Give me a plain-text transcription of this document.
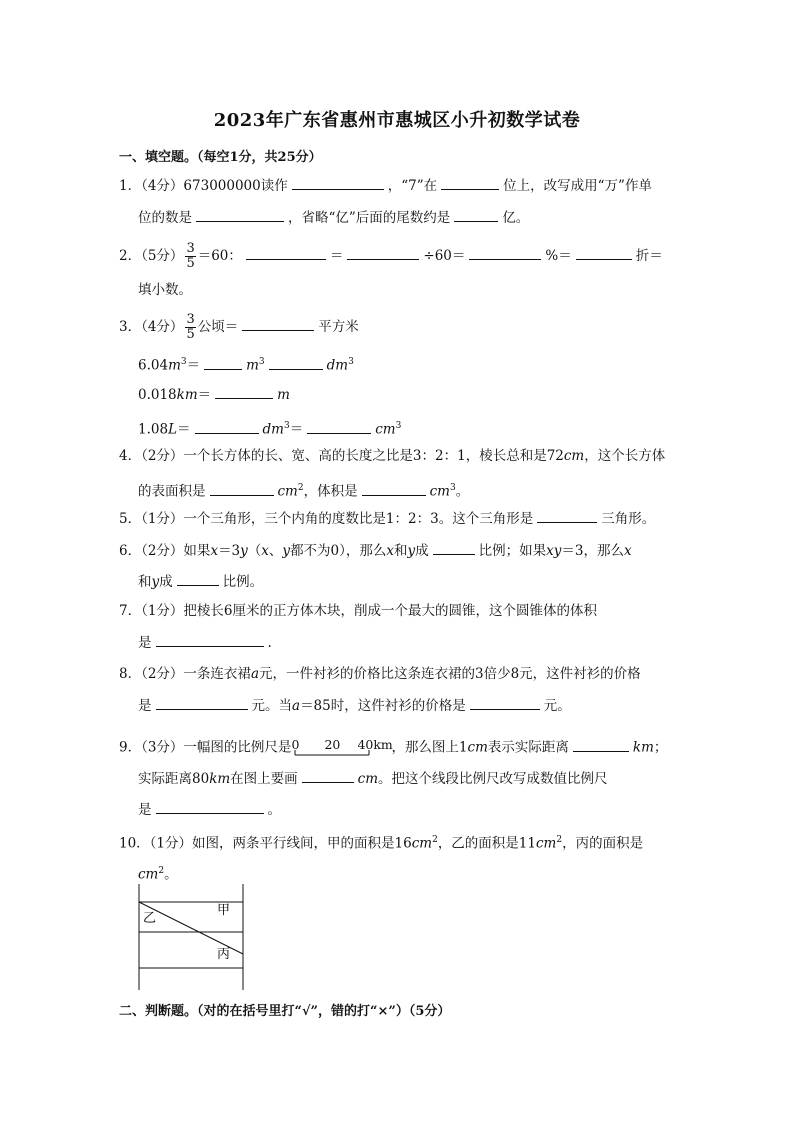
2023年广东省惠州市惠城区小升初数学试卷
一、填空题。（每空1分，共25分）
1．（4分）673000000读作	，“7”在	位上，改写成用“万”作单
位的数是	，省略“亿”后面的尾数约是	亿。
2．（5分） $\frac{3}{5} =60$：	＝	÷60＝	%＝	折＝
填小数。
3．（4分） $\frac{3}{5}$ 公顷＝	平方米
$6.04m^3=$	$m^3$	$dm^3$
0.018km＝	m
1.08L＝	$dm^3=$	$cm^3$
4．（2分）一个长方体的长、宽、高的长度之比是3：2：1，棱长总和是72cm，这个长方体
的表面积是	$cm^2$，体积是	$cm^3$。
5．（1分）一个三角形，三个内角的度数比是1：2：3。这个三角形是	三角形。
6．（2分）如果x＝3y（x、y都不为0），那么x和y成	比例；如果xy＝3，那么x
和y成	比例。
7．（1分）把棱长6厘米的正方体木块，削成一个最大的圆锥，这个圆锥体的体积
是	.
8．（2分）一条连衣裙a元，一件衬衫的价格比这条连衣裙的3倍少8元，这件衬衫的价格
是	元。当a＝85时，这件衬衫的价格是	元。
9．（3分）一幅图的比例尺是 0 20 40km
，那么图上1cm表示实际距离	km；
实际距离80km在图上要画	cm。把这个线段比例尺改写成数值比例尺
是	。
10．（1分）如图，两条平行线间，甲的面积是$16cm^2$，乙的面积是$11cm^2$，丙的面积是
$cm^2$。
乙
甲
丙
二、判断题。（对的在括号里打“√”，错的打“×”）（5分）
